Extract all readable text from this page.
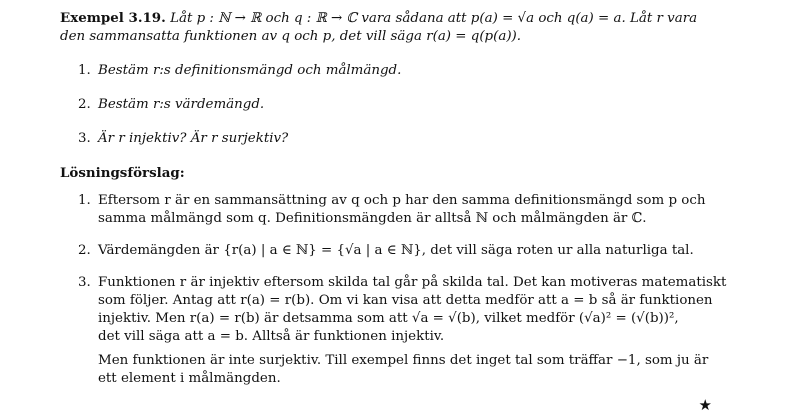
Exempel 3.19. Låt p : ℕ → ℝ och q : ℝ → ℂ vara sådana att p(a) = √a och q(a) = a. Låt r vara
den sammansatta funktionen av q och p, det vill säga r(a) = q(p(a)).

1. Bestäm r:s definitionsmängd och målmängd.
2. Bestäm r:s värdemängd.
3. Är r injektiv? Är r surjektiv?
Lösningsförslag:
1. Eftersom r är en sammansättning av q och p har den samma definitionsmängd som p och
samma målmängd som q. Definitionsmängden är alltså ℕ och målmängden är ℂ.
2. Värdemängden är {r(a) | a ∈ ℕ} = {√a | a ∈ ℕ}, det vill säga roten ur alla naturliga tal.
3. Funktionen r är injektiv eftersom skilda tal går på skilda tal. Det kan motiveras matematiskt
som följer. Antag att r(a) = r(b). Om vi kan visa att detta medför att a = b så är funktionen
injektiv. Men r(a) = r(b) är detsamma som att √a = √(b), vilket medför (√a)² = (√(b))²,
det vill säga att a = b. Alltså är funktionen injektiv.
Men funktionen är inte surjektiv. Till exempel finns det inget tal som träffar −1, som ju är
ett element i målmängden.
★
